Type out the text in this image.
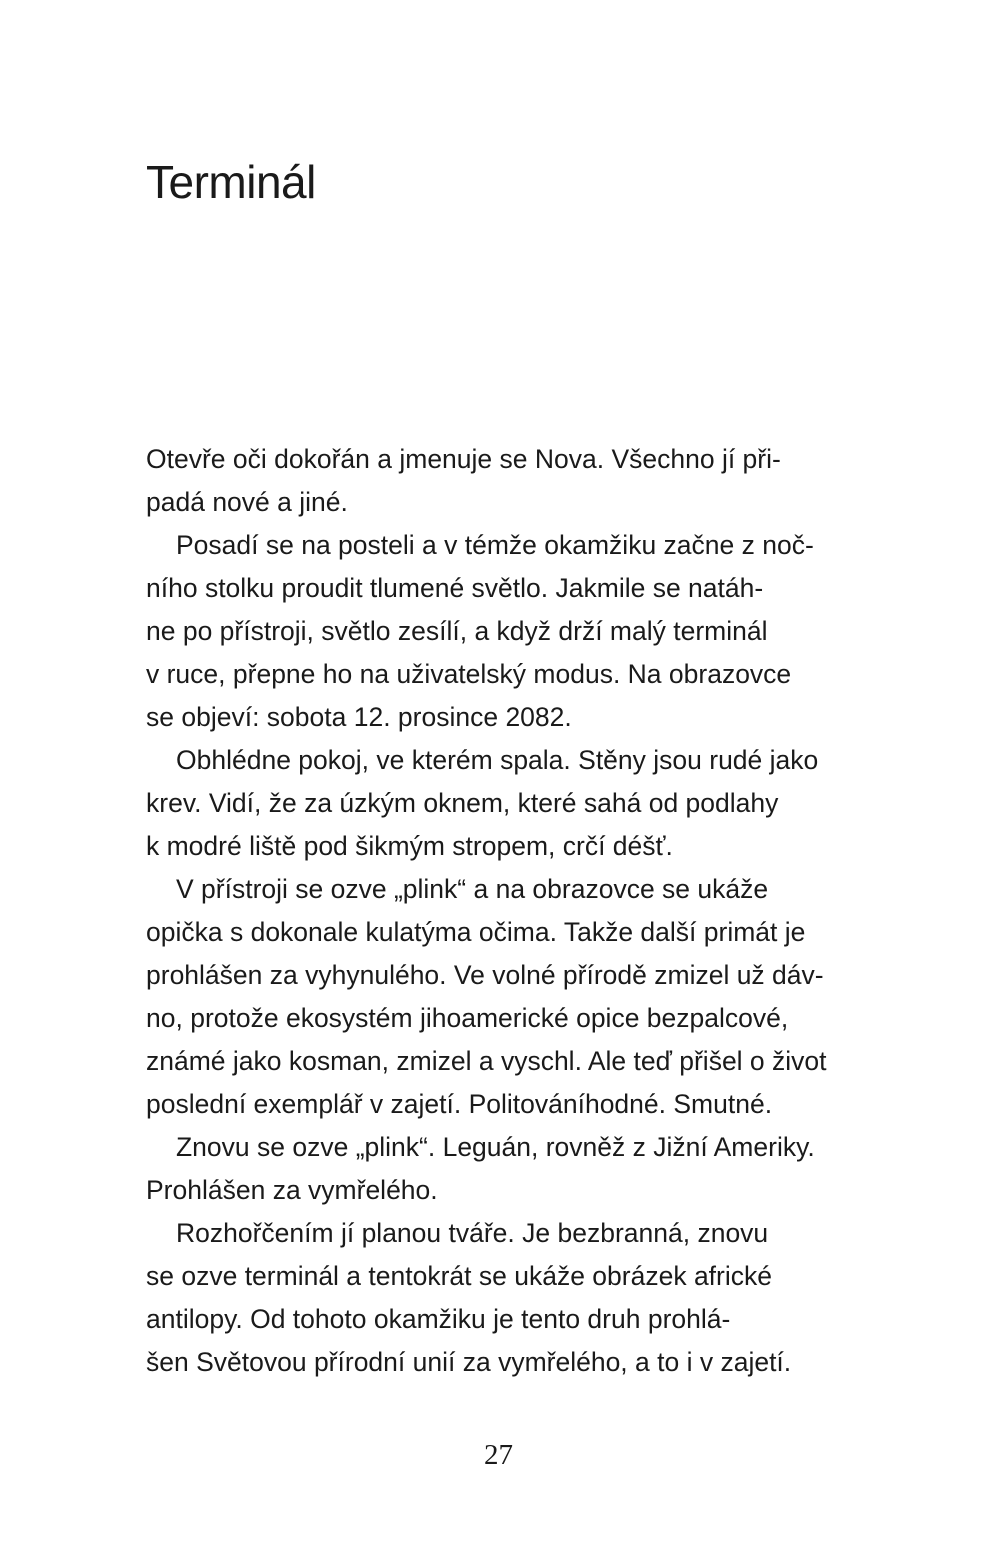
Terminál
Otevře oči dokořán a jmenuje se Nova. Všechno jí při-
padá nové a jiné.
Posadí se na posteli a v témže okamžiku začne z noč-
ního stolku proudit tlumené světlo. Jakmile se natáh-
ne po přístroji, světlo zesílí, a když drží malý terminál
v ruce, přepne ho na uživatelský modus. Na obrazovce
se objeví: sobota 12. prosince 2082.
Obhlédne pokoj, ve kterém spala. Stěny jsou rudé jako
krev. Vidí, že za úzkým oknem, které sahá od podlahy
k modré liště pod šikmým stropem, crčí déšť.
V přístroji se ozve „plink“ a na obrazovce se ukáže
opička s dokonale kulatýma očima. Takže další primát je
prohlášen za vyhynulého. Ve volné přírodě zmizel už dáv-
no, protože ekosystém jihoamerické opice bezpalcové,
známé jako kosman, zmizel a vyschl. Ale teď přišel o život
poslední exemplář v zajetí. Politováníhodné. Smutné.
Znovu se ozve „plink“. Leguán, rovněž z Jižní Ameriky.
Prohlášen za vymřelého.
Rozhořčením jí planou tváře. Je bezbranná, znovu
se ozve terminál a tentokrát se ukáže obrázek africké
antilopy. Od tohoto okamžiku je tento druh prohlá-
šen Světovou přírodní unií za vymřelého, a to i v zajetí.
27
